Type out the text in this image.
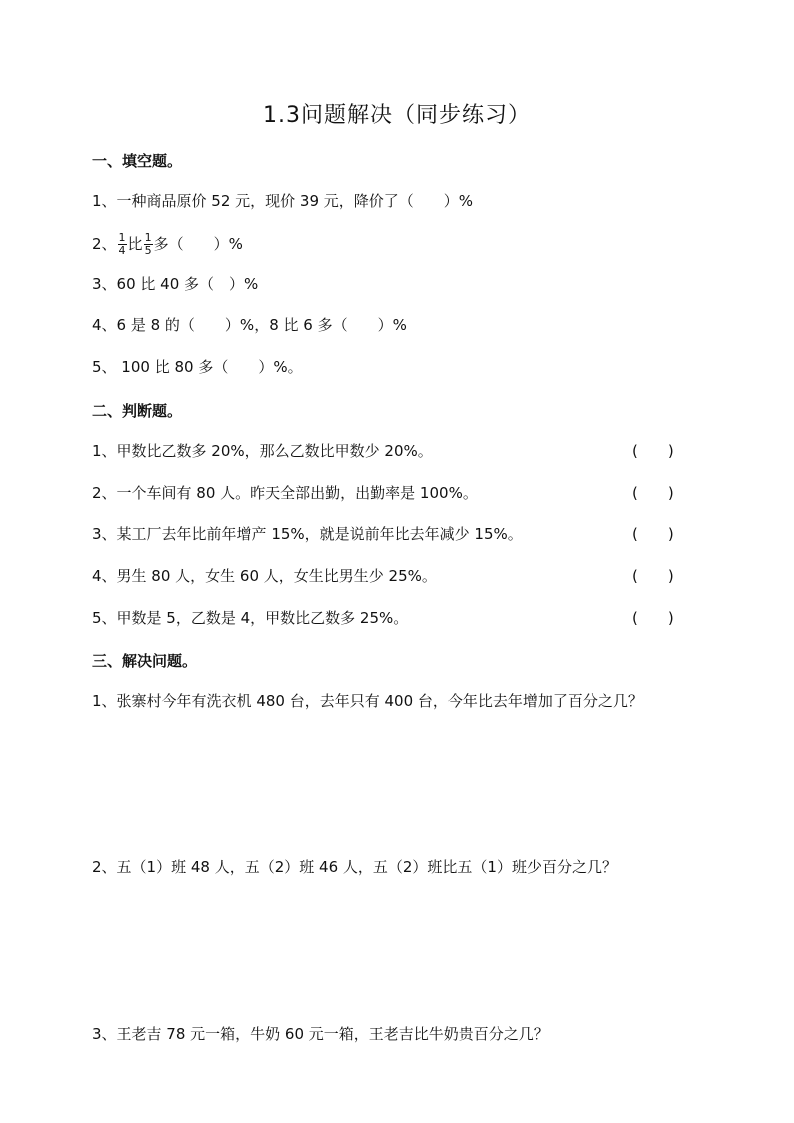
1.3问题解决（同步练习）
一、填空题。
1、一种商品原价 52 元，现价 39 元，降价了（　　）%
2、 $\frac{1}{4}$ 比 $\frac{1}{5}$ 多（　　）%
3、60 比 40 多（　）%
4、6 是 8 的（　　）%，8 比 6 多（　　）%
5、 100 比 80 多（　　）%。
二、判断题。
1、甲数比乙数多 20%，那么乙数比甲数少 20%。	(　　)
2、一个车间有 80 人。昨天全部出勤，出勤率是 100%。	(　　)
3、某工厂去年比前年增产 15%，就是说前年比去年减少 15%。	(　　)
4、男生 80 人，女生 60 人，女生比男生少 25%。	(　　)
5、甲数是 5，乙数是 4，甲数比乙数多 25%。	(　　)
三、解决问题。
1、张寨村今年有洗衣机 480 台，去年只有 400 台，今年比去年增加了百分之几？
2、五（1）班 48 人，五（2）班 46 人，五（2）班比五（1）班少百分之几？
3、王老吉 78 元一箱，牛奶 60 元一箱，王老吉比牛奶贵百分之几？
